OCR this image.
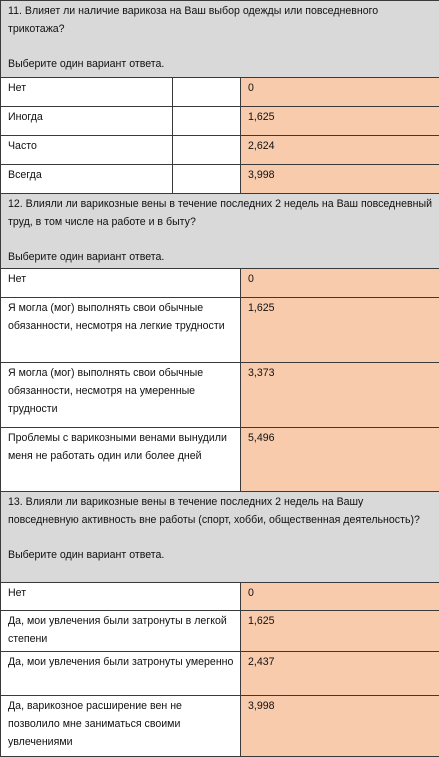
11. Влияет ли наличие варикоза на Ваш выбор одежды или повседневного трикотажа?
Выберите один вариант ответа.		

Нет		0
Иногда		1,625
Часто		2,624
Всегда		3,998

12. Влияли ли варикозные вены в течение последних 2 недель на Ваш повседневный труд, в том числе на работе и в быту?
Выберите один вариант ответа.		

Нет		0
Я могла (мог) выполнять свои обычные обязанности, несмотря на легкие трудности		1,625
Я могла (мог) выполнять свои обычные обязанности, несмотря на умеренные трудности		3,373
Проблемы с варикозными венами вынудили меня не работать один или более дней		5,496

13. Влияли ли варикозные вены в течение последних 2 недель на Вашу повседневную активность вне работы (спорт, хобби, общественная деятельность)?
Выберите один вариант ответа.		

Нет		0
Да, мои увлечения были затронуты в легкой степени		1,625
Да, мои увлечения были затронуты умеренно		2,437
Да, варикозное расширение вен не позволило мне заниматься своими увлечениями		3,998
